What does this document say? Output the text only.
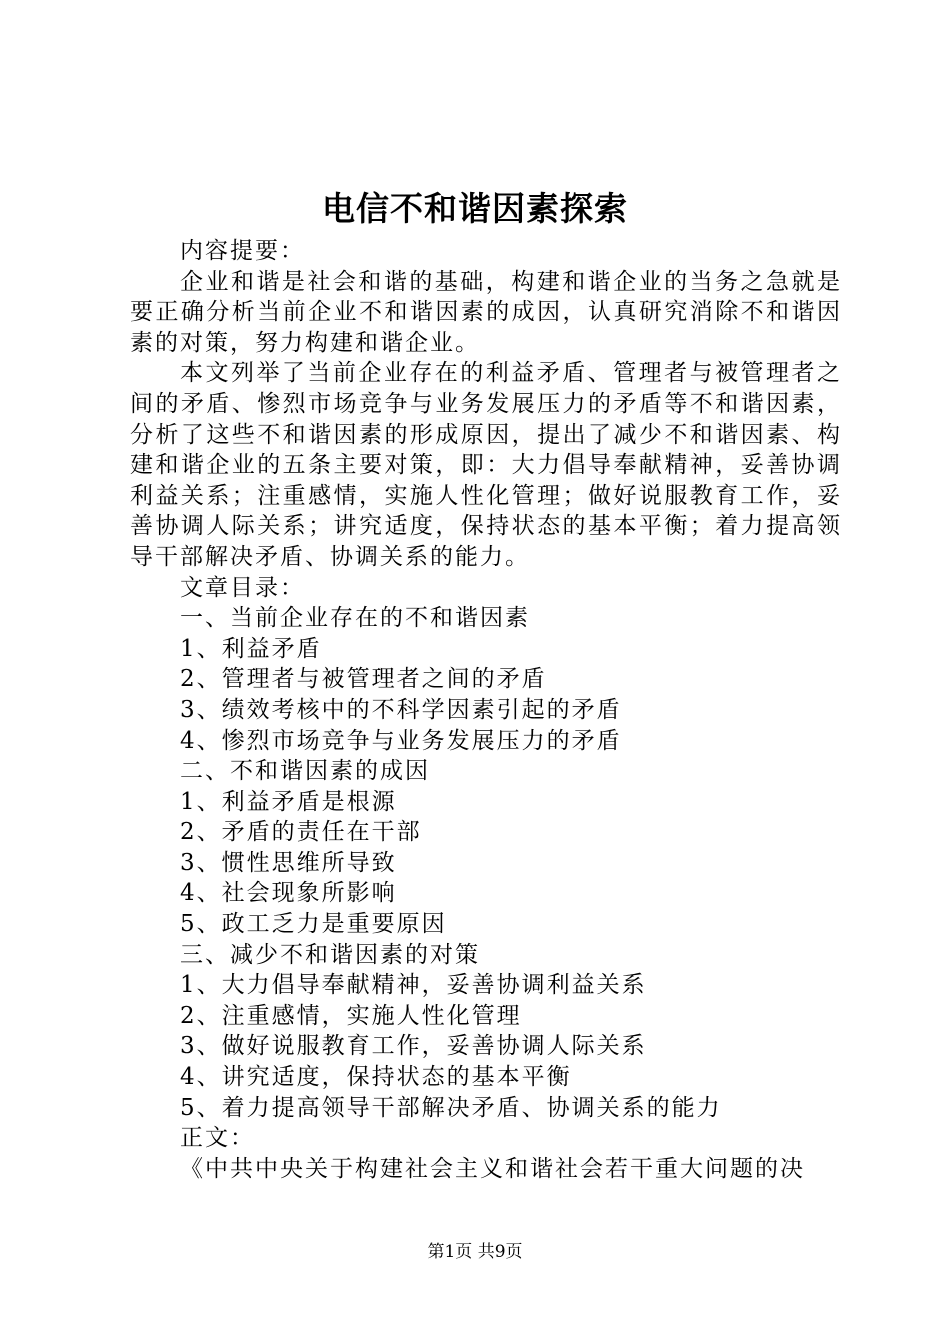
电信不和谐因素探索

内容提要：

企业和谐是社会和谐的基础，构建和谐企业的当务之急就是要正确分析当前企业不和谐因素的成因，认真研究消除不和谐因素的对策，努力构建和谐企业。

本文列举了当前企业存在的利益矛盾、管理者与被管理者之间的矛盾、惨烈市场竞争与业务发展压力的矛盾等不和谐因素，分析了这些不和谐因素的形成原因，提出了减少不和谐因素、构建和谐企业的五条主要对策，即：大力倡导奉献精神，妥善协调利益关系；注重感情，实施人性化管理；做好说服教育工作，妥善协调人际关系；讲究适度，保持状态的基本平衡；着力提高领导干部解决矛盾、协调关系的能力。

文章目录：

一、当前企业存在的不和谐因素

1、利益矛盾

2、管理者与被管理者之间的矛盾

3、绩效考核中的不科学因素引起的矛盾

4、惨烈市场竞争与业务发展压力的矛盾

二、不和谐因素的成因

1、利益矛盾是根源

2、矛盾的责任在干部

3、惯性思维所导致

4、社会现象所影响

5、政工乏力是重要原因

三、减少不和谐因素的对策

1、大力倡导奉献精神，妥善协调利益关系

2、注重感情，实施人性化管理

3、做好说服教育工作，妥善协调人际关系

4、讲究适度，保持状态的基本平衡

5、着力提高领导干部解决矛盾、协调关系的能力

正文：

《中共中央关于构建社会主义和谐社会若干重大问题的决

第1页 共9页
